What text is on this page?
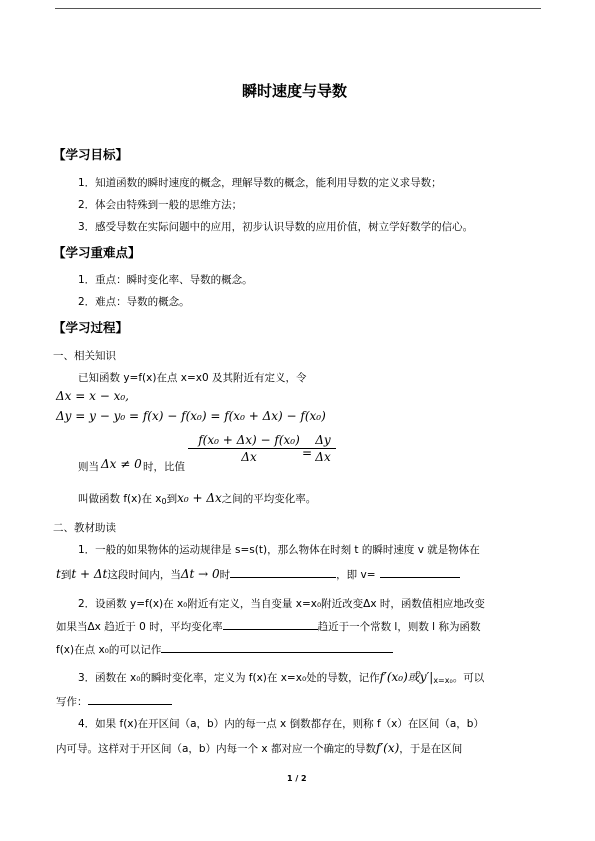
瞬时速度与导数
【学习目标】
1．知道函数的瞬时速度的概念，理解导数的概念，能利用导数的定义求导数；
2．体会由特殊到一般的思维方法；
3．感受导数在实际问题中的应用，初步认识导数的应用价值，树立学好数学的信心。
【学习重难点】
1．重点：瞬时变化率、导数的概念。
2．难点：导数的概念。
【学习过程】
一、相关知识
已知函数 y=f(x)在点 x=x0 及其附近有定义，令
Δx = x − x₀,
Δy = y − y₀ = f(x) − f(x₀) = f(x₀ + Δx) − f(x₀)
则当 Δx ≠ 0 时，比值
f(x₀ + Δx) − f(x₀)
Δx	=
Δy
Δx
叫做函数 f(x)在 $x_0$到x₀ + Δx之间的平均变化率。
二、教材助读
1．一般的如果物体的运动规律是 s=s(t)，那么物体在时刻 t 的瞬时速度 v 就是物体在
t到t + Δt这段时间内，当Δt → 0时	，即 v=
2．设函数 y=f(x)在 x₀附近有定义，当自变量 x=x₀附近改变Δx 时，函数值相应地改变
如果当Δx 趋近于 0 时，平均变化率	趋近于一个常数 l，则数 l 称为函数
f(x)在点 x₀的可以记作
3．函数在 x₀的瞬时变化率，定义为 f(x)在 x=x₀处的导数，记作f′(x₀)或$y'|_{x=x_0}$。可以
写作：
4．如果 f(x)在开区间（a，b）内的每一点 x 倒数都存在，则称 f（x）在区间（a，b）
内可导。这样对于开区间（a，b）内每一个 x 都对应一个确定的导数f′(x)，于是在区间
1 / 2
